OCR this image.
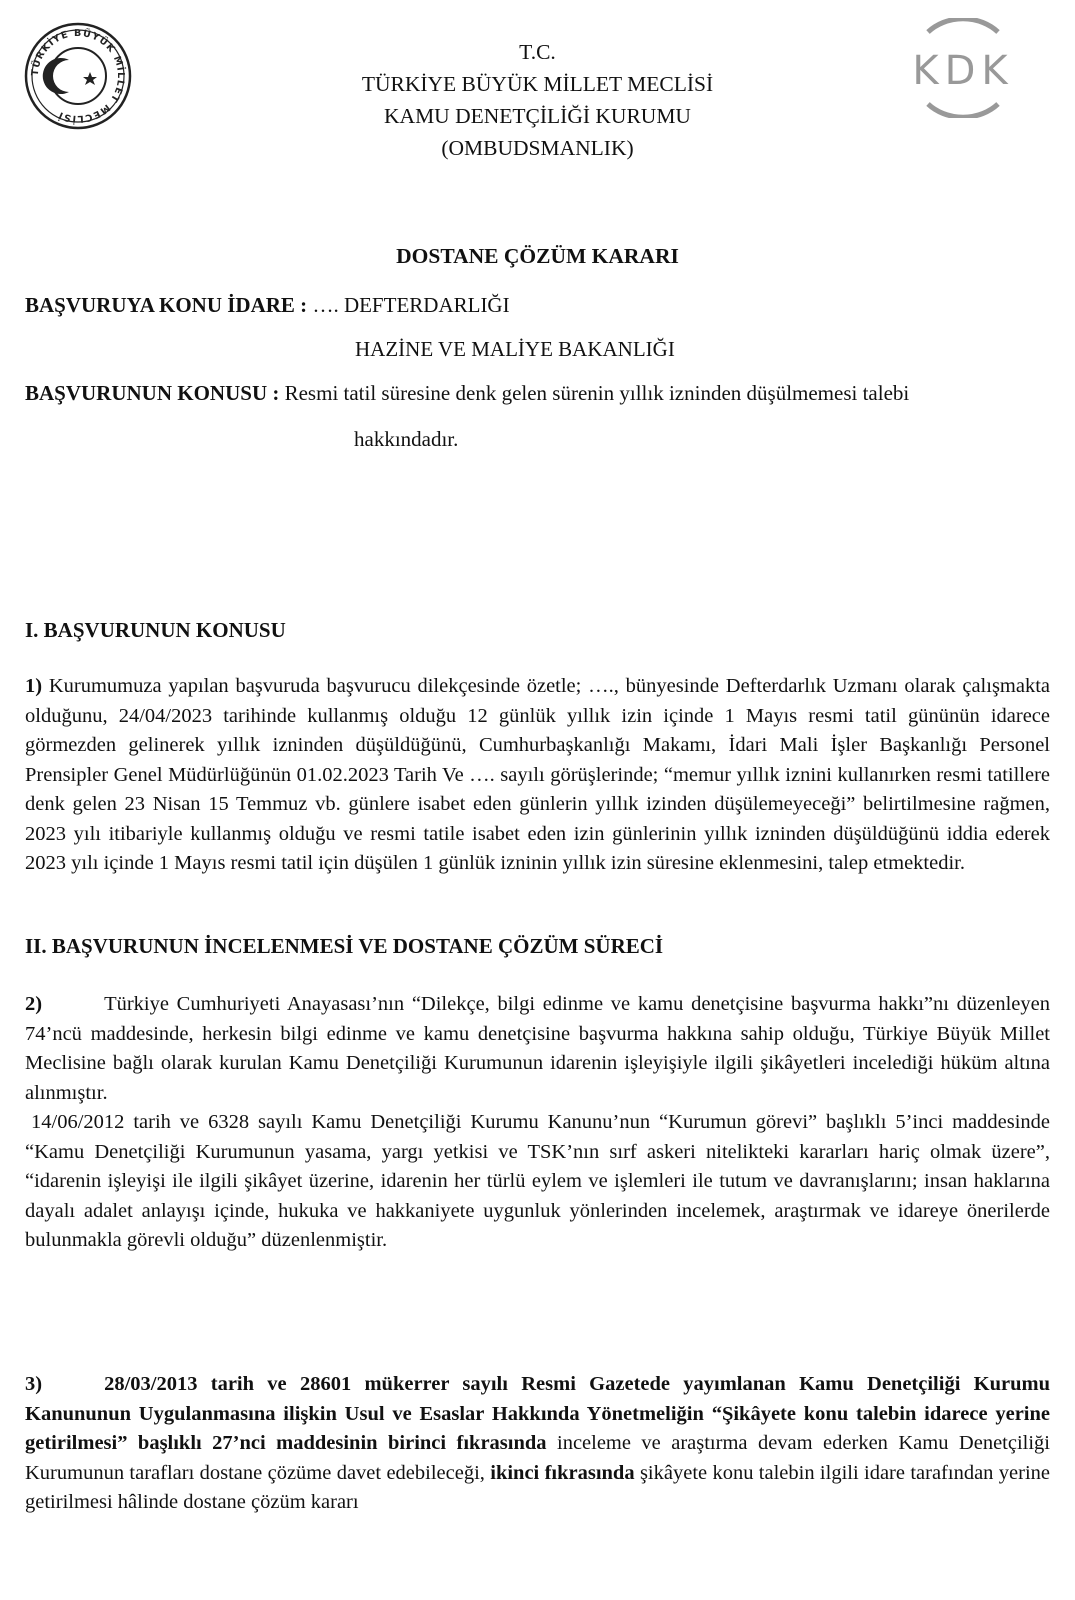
TÜRKİYE BÜYÜK MİLLET MECLİSİ
KDK
T.C.
TÜRKİYE BÜYÜK MİLLET MECLİSİ
KAMU DENETÇİLİĞİ KURUMU
(OMBUDSMANLIK)
DOSTANE ÇÖZÜM KARARI
BAŞVURUYA KONU İDARE : …. DEFTERDARLIĞI
HAZİNE VE MALİYE BAKANLIĞI
BAŞVURUNUN KONUSU : Resmi tatil süresine denk gelen sürenin yıllık izninden düşülmemesi talebi
hakkındadır.
I. BAŞVURUNUN KONUSU

1) Kurumumuza yapılan başvuruda başvurucu dilekçesinde özetle; …., bünyesinde Defterdarlık Uzmanı olarak çalışmakta olduğunu, 24/04/2023 tarihinde kullanmış olduğu 12 günlük yıllık izin içinde 1 Mayıs resmi tatil gününün idarece görmezden gelinerek yıllık izninden düşüldüğünü, Cumhurbaşkanlığı Makamı, İdari Mali İşler Başkanlığı Personel Prensipler Genel Müdürlüğünün 01.02.2023 Tarih Ve …. sayılı görüşlerinde; “memur yıllık iznini kullanırken resmi tatillere denk gelen 23 Nisan 15 Temmuz vb. günlere isabet eden günlerin yıllık izinden düşülemeyeceği” belirtilmesine rağmen, 2023 yılı itibariyle kullanmış olduğu ve resmi tatile isabet eden izin günlerinin yıllık izninden düşüldüğünü iddia ederek 2023 yılı içinde 1 Mayıs resmi tatil için düşülen 1 günlük izninin yıllık izin süresine eklenmesini, talep etmektedir.

II. BAŞVURUNUN İNCELENMESİ VE DOSTANE ÇÖZÜM SÜRECİ

2)	Türkiye Cumhuriyeti Anayasası’nın “Dilekçe, bilgi edinme ve kamu denetçisine başvurma hakkı”nı düzenleyen 74’ncü maddesinde, herkesin bilgi edinme ve kamu denetçisine başvurma hakkına sahip olduğu, Türkiye Büyük Millet Meclisine bağlı olarak kurulan Kamu Denetçiliği Kurumunun idarenin işleyişiyle ilgili şikâyetleri incelediği hüküm altına alınmıştır.

14/06/2012 tarih ve 6328 sayılı Kamu Denetçiliği Kurumu Kanunu’nun “Kurumun görevi” başlıklı 5’inci maddesinde “Kamu Denetçiliği Kurumunun yasama, yargı yetkisi ve TSK’nın sırf askeri nitelikteki kararları hariç olmak üzere”, “idarenin işleyişi ile ilgili şikâyet üzerine, idarenin her türlü eylem ve işlemleri ile tutum ve davranışlarını; insan haklarına dayalı adalet anlayışı içinde, hukuka ve hakkaniyete uygunluk yönlerinden incelemek, araştırmak ve idareye önerilerde bulunmakla görevli olduğu” düzenlenmiştir.

3)	28/03/2013 tarih ve 28601 mükerrer sayılı Resmi Gazetede yayımlanan Kamu Denetçiliği Kurumu Kanununun Uygulanmasına ilişkin Usul ve Esaslar Hakkında Yönetmeliğin “Şikâyete konu talebin idarece yerine getirilmesi” başlıklı 27’nci maddesinin birinci fıkrasında inceleme ve araştırma devam ederken Kamu Denetçiliği Kurumunun tarafları dostane çözüme davet edebileceği, ikinci fıkrasında şikâyete konu talebin ilgili idare tarafından yerine getirilmesi hâlinde dostane çözüm kararı
